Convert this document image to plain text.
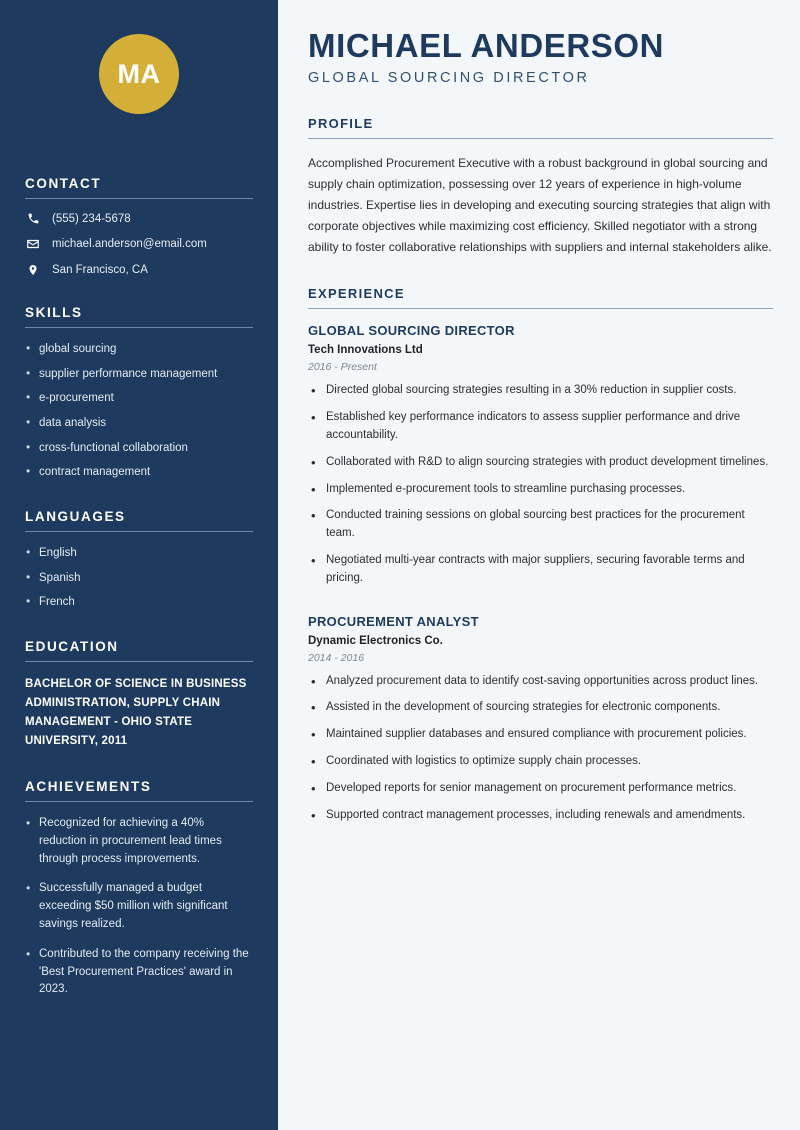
MA
CONTACT
(555) 234-5678
michael.anderson@email.com
San Francisco, CA
SKILLS
• global sourcing
• supplier performance management
• e-procurement
• data analysis
• cross-functional collaboration
• contract management
LANGUAGES
• English
• Spanish
• French
EDUCATION
BACHELOR OF SCIENCE IN BUSINESS ADMINISTRATION, SUPPLY CHAIN MANAGEMENT - OHIO STATE UNIVERSITY, 2011
ACHIEVEMENTS
• Recognized for achieving a 40% reduction in procurement lead times through process improvements.
• Successfully managed a budget exceeding $50 million with significant savings realized.
• Contributed to the company receiving the 'Best Procurement Practices' award in 2023.
MICHAEL ANDERSON
GLOBAL SOURCING DIRECTOR
PROFILE

Accomplished Procurement Executive with a robust background in global sourcing and supply chain optimization, possessing over 12 years of experience in high-volume industries. Expertise lies in developing and executing sourcing strategies that align with corporate objectives while maximizing cost efficiency. Skilled negotiator with a strong ability to foster collaborative relationships with suppliers and internal stakeholders alike.

EXPERIENCE
GLOBAL SOURCING DIRECTOR
Tech Innovations Ltd
2016 - Present
• Directed global sourcing strategies resulting in a 30% reduction in supplier costs.
• Established key performance indicators to assess supplier performance and drive accountability.
• Collaborated with R&D to align sourcing strategies with product development timelines.
• Implemented e-procurement tools to streamline purchasing processes.
• Conducted training sessions on global sourcing best practices for the procurement team.
• Negotiated multi-year contracts with major suppliers, securing favorable terms and pricing.
PROCUREMENT ANALYST
Dynamic Electronics Co.
2014 - 2016
• Analyzed procurement data to identify cost-saving opportunities across product lines.
• Assisted in the development of sourcing strategies for electronic components.
• Maintained supplier databases and ensured compliance with procurement policies.
• Coordinated with logistics to optimize supply chain processes.
• Developed reports for senior management on procurement performance metrics.
• Supported contract management processes, including renewals and amendments.
